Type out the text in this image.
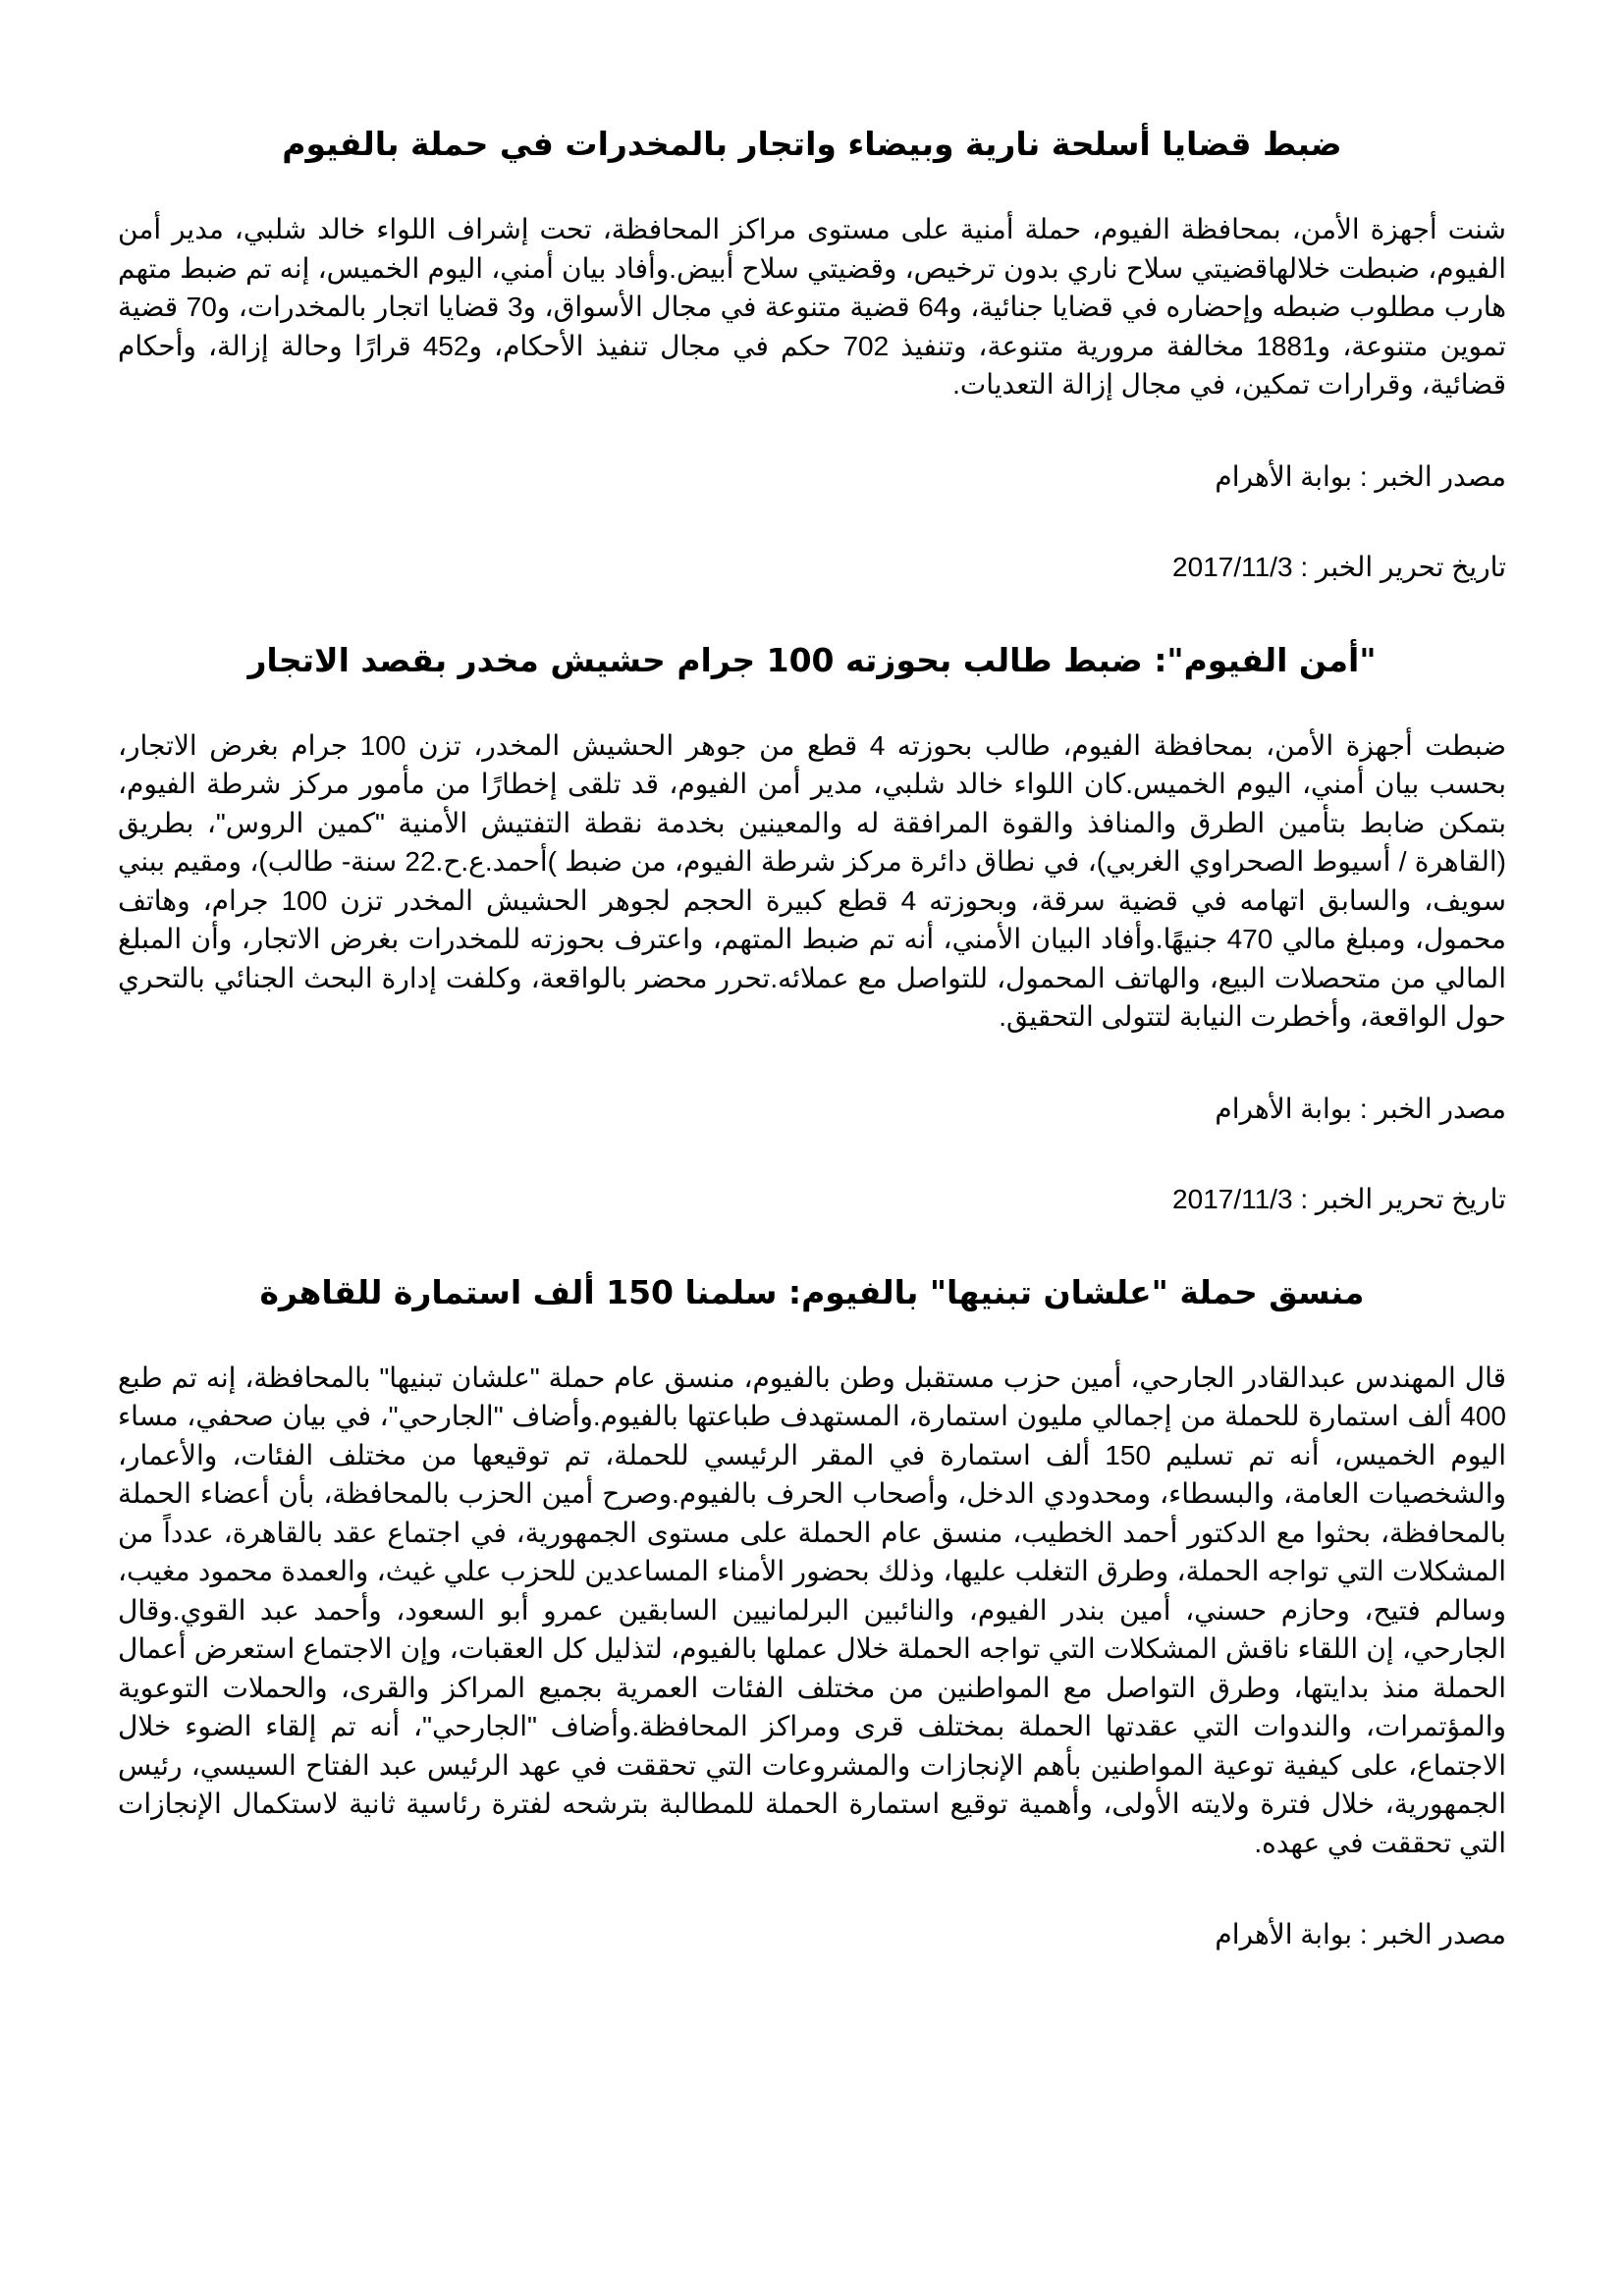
ضبط قضايا أسلحة نارية وبيضاء واتجار بالمخدرات في حملة بالفيوم

شنت أجهزة الأمن، بمحافظة الفيوم، حملة أمنية على مستوى مراكز المحافظة، تحت إشراف اللواء خالد شلبي، مدير أمن الفيوم، ضبطت خلالهاقضيتي سلاح ناري بدون ترخيص، وقضيتي سلاح أبيض.وأفاد بيان أمني، اليوم الخميس، إنه تم ضبط متهم هارب مطلوب ضبطه وإحضاره في قضايا جنائية، و64 قضية متنوعة في مجال الأسواق، و3 قضايا اتجار بالمخدرات، و70 قضية تموين متنوعة، و1881 مخالفة مرورية متنوعة، وتنفيذ 702 حكم في مجال تنفيذ الأحكام، و452 قرارًا وحالة إزالة، وأحكام قضائية، وقرارات تمكين، في مجال إزالة التعديات.

مصدر الخبر : بوابة الأهرام

تاريخ تحرير الخبر : 2017/11/3

"أمن الفيوم": ضبط طالب بحوزته 100 جرام حشيش مخدر بقصد الاتجار

ضبطت أجهزة الأمن، بمحافظة الفيوم، طالب بحوزته 4 قطع من جوهر الحشيش المخدر، تزن 100 جرام بغرض الاتجار، بحسب بيان أمني، اليوم الخميس.كان اللواء خالد شلبي، مدير أمن الفيوم، قد تلقى إخطارًا من مأمور مركز شرطة الفيوم، بتمكن ضابط بتأمين الطرق والمنافذ والقوة المرافقة له والمعينين بخدمة نقطة التفتيش الأمنية "كمين الروس"، بطريق (القاهرة / أسيوط الصحراوي الغربي)، في نطاق دائرة مركز شرطة الفيوم، من ضبط )أحمد.ع.ح.22 سنة- طالب)، ومقيم ببني سويف، والسابق اتهامه في قضية سرقة، وبحوزته 4 قطع كبيرة الحجم لجوهر الحشيش المخدر تزن 100 جرام، وهاتف محمول، ومبلغ مالي 470 جنيهًا.وأفاد البيان الأمني، أنه تم ضبط المتهم، واعترف بحوزته للمخدرات بغرض الاتجار، وأن المبلغ المالي من متحصلات البيع، والهاتف المحمول، للتواصل مع عملائه.تحرر محضر بالواقعة، وكلفت إدارة البحث الجنائي بالتحري حول الواقعة، وأخطرت النيابة لتتولى التحقيق.

مصدر الخبر : بوابة الأهرام

تاريخ تحرير الخبر : 2017/11/3

منسق حملة "علشان تبنيها" بالفيوم: سلمنا 150 ألف استمارة للقاهرة

قال المهندس عبدالقادر الجارحي، أمين حزب مستقبل وطن بالفيوم، منسق عام حملة "علشان تبنيها" بالمحافظة، إنه تم طبع 400 ألف استمارة للحملة من إجمالي مليون استمارة، المستهدف طباعتها بالفيوم.وأضاف "الجارحي"، في بيان صحفي، مساء اليوم الخميس، أنه تم تسليم 150 ألف استمارة في المقر الرئيسي للحملة، تم توقيعها من مختلف الفئات، والأعمار، والشخصيات العامة، والبسطاء، ومحدودي الدخل، وأصحاب الحرف بالفيوم.وصرح أمين الحزب بالمحافظة، بأن أعضاء الحملة بالمحافظة، بحثوا مع الدكتور أحمد الخطيب، منسق عام الحملة على مستوى الجمهورية، في اجتماع عقد بالقاهرة، عدداً من المشكلات التي تواجه الحملة، وطرق التغلب عليها، وذلك بحضور الأمناء المساعدين للحزب علي غيث، والعمدة محمود مغيب، وسالم فتيح، وحازم حسني، أمين بندر الفيوم، والنائبين البرلمانيين السابقين عمرو أبو السعود، وأحمد عبد القوي.وقال الجارحي، إن اللقاء ناقش المشكلات التي تواجه الحملة خلال عملها بالفيوم، لتذليل كل العقبات، وإن الاجتماع استعرض أعمال الحملة منذ بدايتها، وطرق التواصل مع المواطنين من مختلف الفئات العمرية بجميع المراكز والقرى، والحملات التوعوية والمؤتمرات، والندوات التي عقدتها الحملة بمختلف قرى ومراكز المحافظة.وأضاف "الجارحي"، أنه تم إلقاء الضوء خلال الاجتماع، على كيفية توعية المواطنين بأهم الإنجازات والمشروعات التي تحققت في عهد الرئيس عبد الفتاح السيسي، رئيس الجمهورية، خلال فترة ولايته الأولى، وأهمية توقيع استمارة الحملة للمطالبة بترشحه لفترة رئاسية ثانية لاستكمال الإنجازات التي تحققت في عهده.

مصدر الخبر : بوابة الأهرام
